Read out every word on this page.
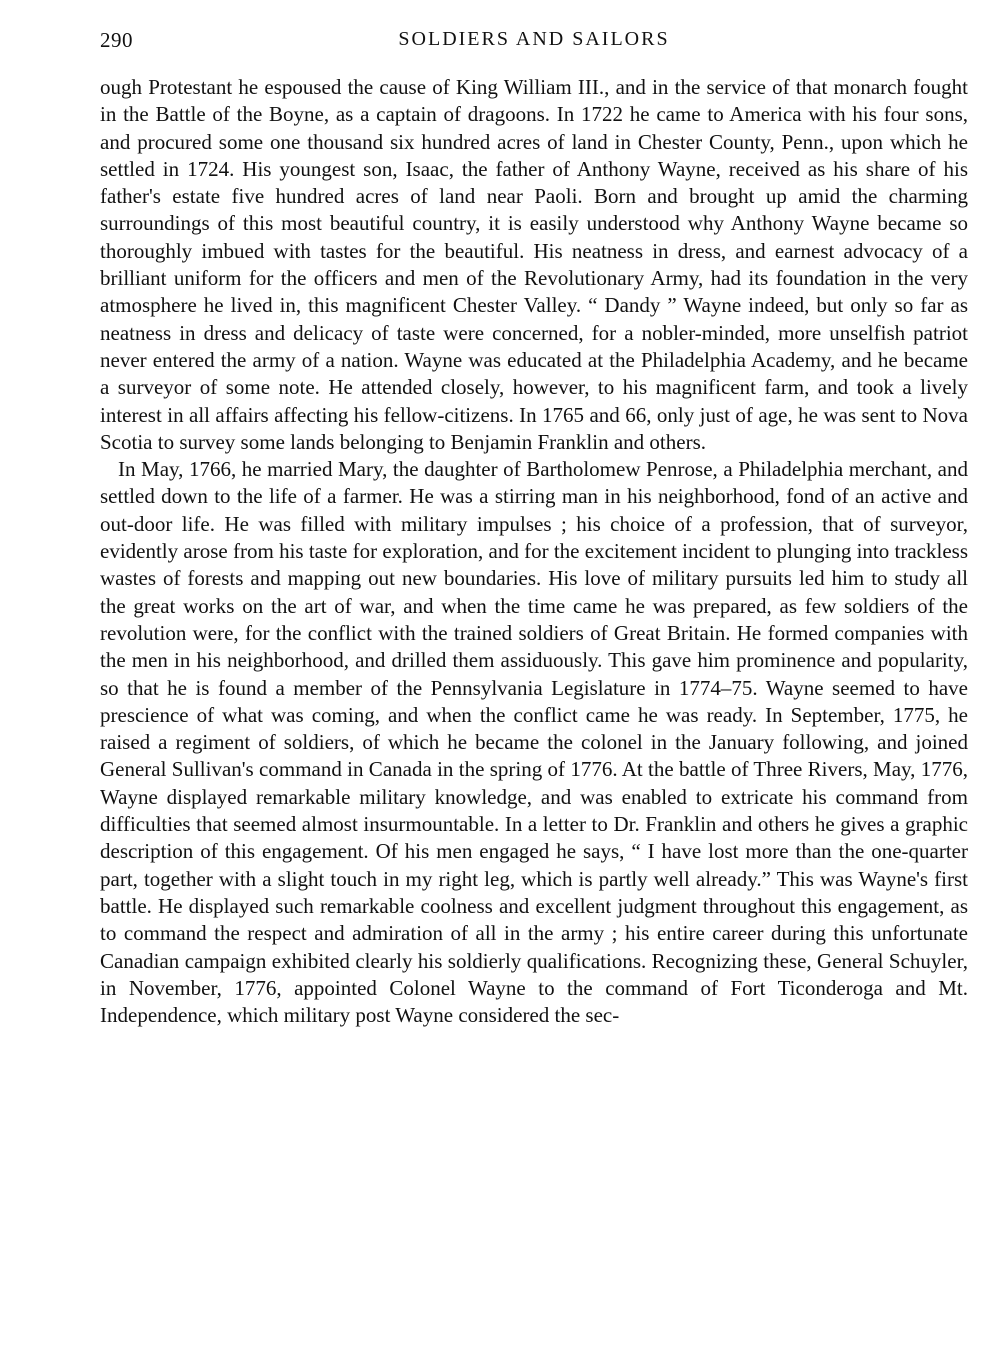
290	SOLDIERS AND SAILORS

ough Protestant he espoused the cause of King William III., and in the service of that monarch fought in the Battle of the Boyne, as a captain of dragoons. In 1722 he came to America with his four sons, and procured some one thousand six hundred acres of land in Chester County, Penn., upon which he settled in 1724. His youngest son, Isaac, the father of Anthony Wayne, received as his share of his father's estate five hundred acres of land near Paoli. Born and brought up amid the charming surroundings of this most beautiful country, it is easily understood why Anthony Wayne became so thoroughly imbued with tastes for the beautiful. His neatness in dress, and earnest advocacy of a brilliant uniform for the officers and men of the Revolutionary Army, had its foundation in the very atmosphere he lived in, this magnificent Chester Valley. “ Dandy ” Wayne indeed, but only so far as neatness in dress and delicacy of taste were concerned, for a nobler-minded, more unselfish patriot never entered the army of a nation. Wayne was educated at the Philadelphia Academy, and he became a surveyor of some note. He attended closely, however, to his magnificent farm, and took a lively interest in all affairs affecting his fellow-citizens. In 1765 and 66, only just of age, he was sent to Nova Scotia to survey some lands belonging to Benjamin Franklin and others.

In May, 1766, he married Mary, the daughter of Bartholomew Penrose, a Philadelphia merchant, and settled down to the life of a farmer. He was a stirring man in his neighborhood, fond of an active and out-door life. He was filled with military impulses ; his choice of a profession, that of surveyor, evidently arose from his taste for exploration, and for the excitement incident to plunging into trackless wastes of forests and mapping out new boundaries. His love of military pursuits led him to study all the great works on the art of war, and when the time came he was prepared, as few soldiers of the revolution were, for the conflict with the trained soldiers of Great Britain. He formed companies with the men in his neighborhood, and drilled them assiduously. This gave him prominence and popularity, so that he is found a member of the Pennsylvania Legislature in 1774–75. Wayne seemed to have prescience of what was coming, and when the conflict came he was ready. In September, 1775, he raised a regiment of soldiers, of which he became the colonel in the January following, and joined General Sullivan's command in Canada in the spring of 1776. At the battle of Three Rivers, May, 1776, Wayne displayed remarkable military knowledge, and was enabled to extricate his command from difficulties that seemed almost insurmountable. In a letter to Dr. Franklin and others he gives a graphic description of this engagement. Of his men engaged he says, “ I have lost more than the one-quarter part, together with a slight touch in my right leg, which is partly well already.” This was Wayne's first battle. He displayed such remarkable coolness and excellent judgment throughout this engagement, as to command the respect and admiration of all in the army ; his entire career during this unfortunate Canadian campaign exhibited clearly his soldierly qualifications. Recognizing these, General Schuyler, in November, 1776, appointed Colonel Wayne to the command of Fort Ticonderoga and Mt. Independence, which military post Wayne considered the sec-
